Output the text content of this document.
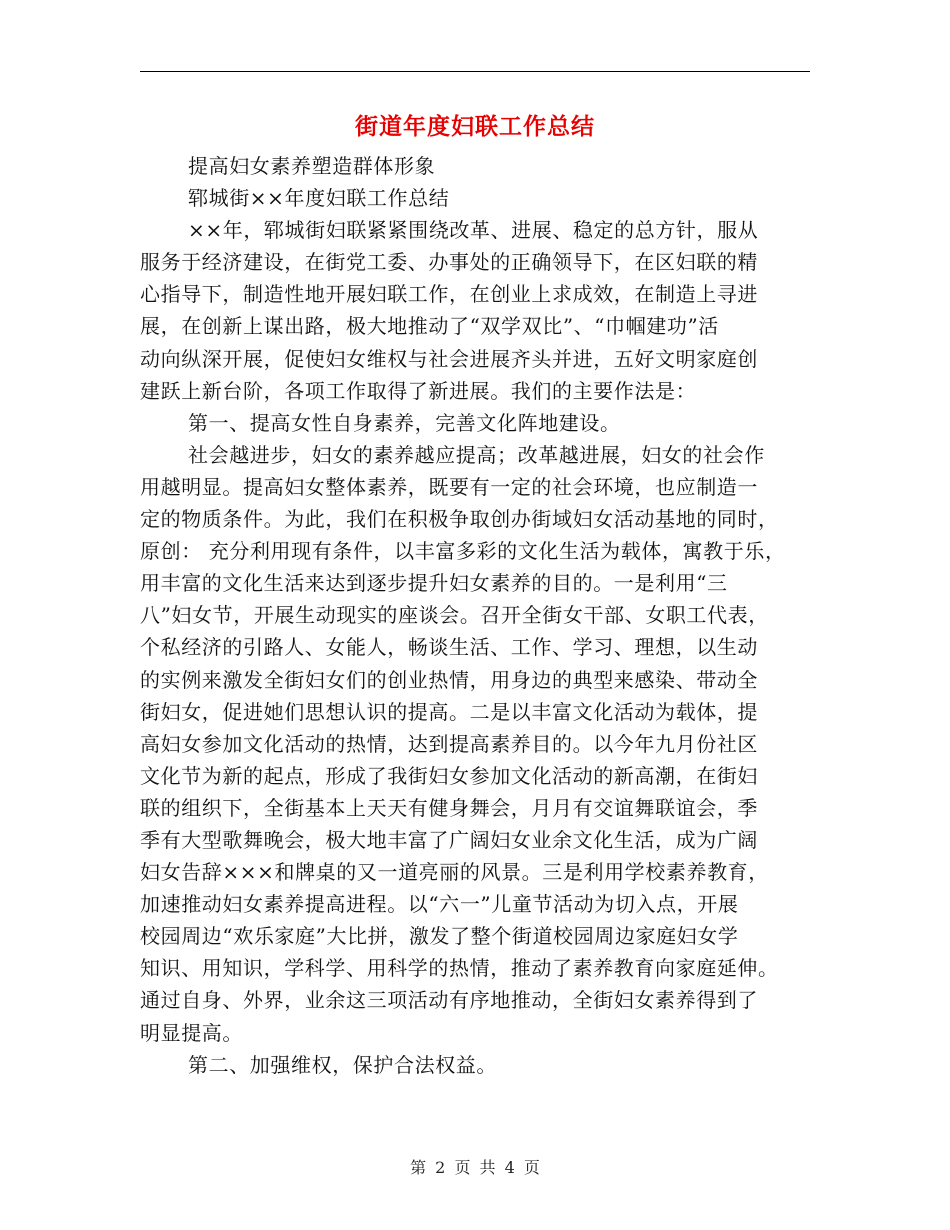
街道年度妇联工作总结

提高妇女素养塑造群体形象

郓城街××年度妇联工作总结

××年，郓城街妇联紧紧围绕改革、进展、稳定的总方针，服从
服务于经济建设，在街党工委、办事处的正确领导下，在区妇联的精
心指导下，制造性地开展妇联工作，在创业上求成效，在制造上寻进
展，在创新上谋出路，极大地推动了“双学双比”、“巾帼建功”活
动向纵深开展，促使妇女维权与社会进展齐头并进，五好文明家庭创
建跃上新台阶，各项工作取得了新进展。我们的主要作法是：
第一、提高女性自身素养，完善文化阵地建设。
社会越进步，妇女的素养越应提高；改革越进展，妇女的社会作
用越明显。提高妇女整体素养，既要有一定的社会环境，也应制造一
定的物质条件。为此，我们在积极争取创办街域妇女活动基地的同时，
原创： 充分利用现有条件，以丰富多彩的文化生活为载体，寓教于乐，
用丰富的文化生活来达到逐步提升妇女素养的目的。一是利用“三
八”妇女节，开展生动现实的座谈会。召开全街女干部、女职工代表，
个私经济的引路人、女能人，畅谈生活、工作、学习、理想，以生动
的实例来激发全街妇女们的创业热情，用身边的典型来感染、带动全
街妇女，促进她们思想认识的提高。二是以丰富文化活动为载体，提
高妇女参加文化活动的热情，达到提高素养目的。以今年九月份社区
文化节为新的起点，形成了我街妇女参加文化活动的新高潮，在街妇
联的组织下，全街基本上天天有健身舞会，月月有交谊舞联谊会，季
季有大型歌舞晚会，极大地丰富了广阔妇女业余文化生活，成为广阔
妇女告辞×××和牌桌的又一道亮丽的风景。三是利用学校素养教育，
加速推动妇女素养提高进程。以“六一”儿童节活动为切入点，开展
校园周边“欢乐家庭”大比拼，激发了整个街道校园周边家庭妇女学
知识、用知识，学科学、用科学的热情，推动了素养教育向家庭延伸。
通过自身、外界，业余这三项活动有序地推动，全街妇女素养得到了
明显提高。
第二、加强维权，保护合法权益。
第 2 页 共 4 页
